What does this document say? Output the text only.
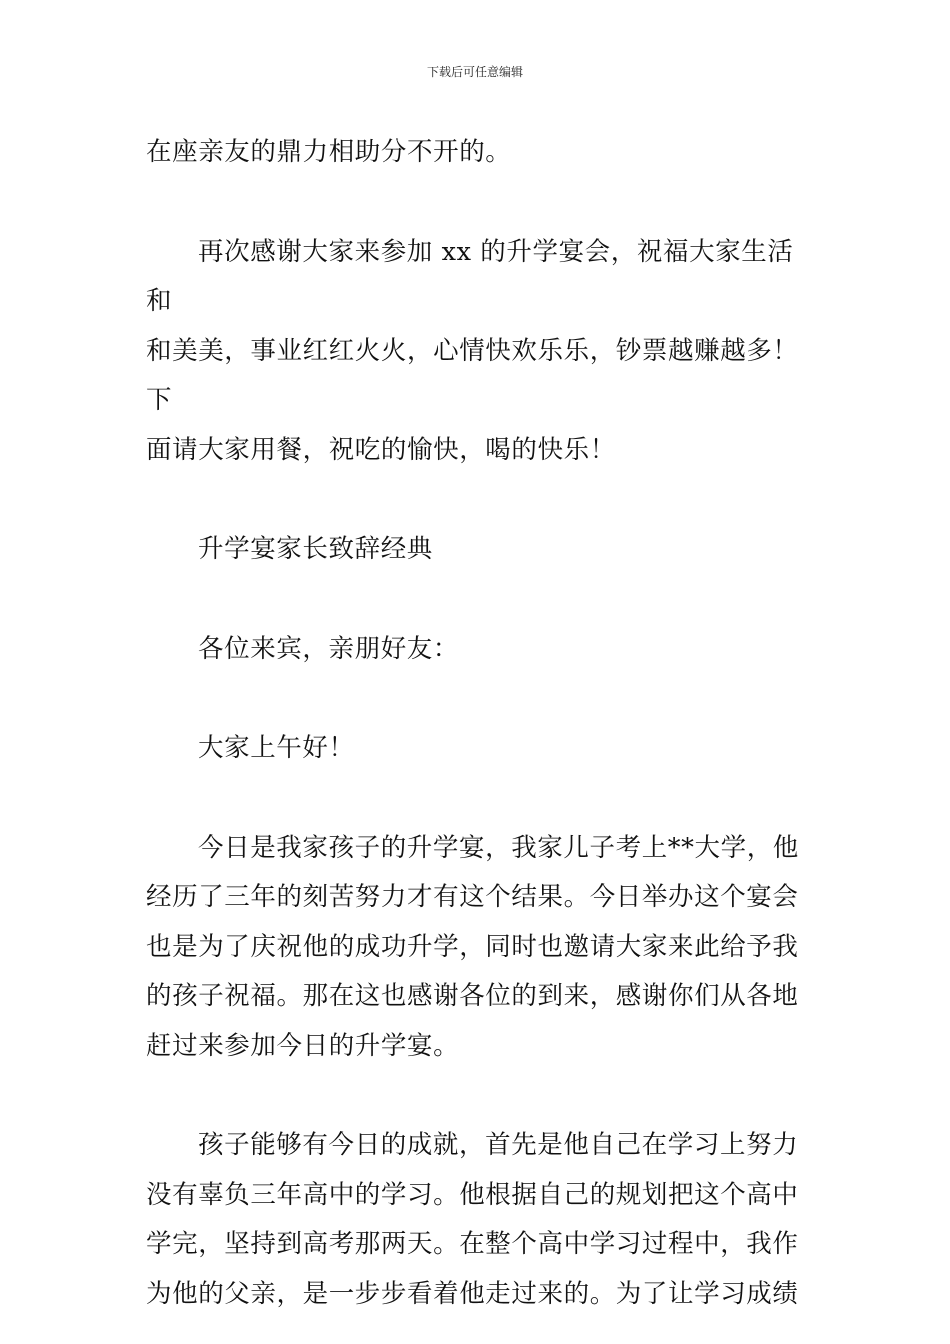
下载后可任意编辑
在座亲友的鼎力相助分不开的。
再次感谢大家来参加 xx 的升学宴会，祝福大家生活和
和美美，事业红红火火，心情快欢乐乐，钞票越赚越多！下
面请大家用餐，祝吃的愉快，喝的快乐！
升学宴家长致辞经典
各位来宾，亲朋好友：
大家上午好！
今日是我家孩子的升学宴，我家儿子考上**大学，他
经历了三年的刻苦努力才有这个结果。今日举办这个宴会
也是为了庆祝他的成功升学，同时也邀请大家来此给予我
的孩子祝福。那在这也感谢各位的到来，感谢你们从各地
赶过来参加今日的升学宴。
孩子能够有今日的成就，首先是他自己在学习上努力
没有辜负三年高中的学习。他根据自己的规划把这个高中
学完，坚持到高考那两天。在整个高中学习过程中，我作
为他的父亲，是一步步看着他走过来的。为了让学习成绩
